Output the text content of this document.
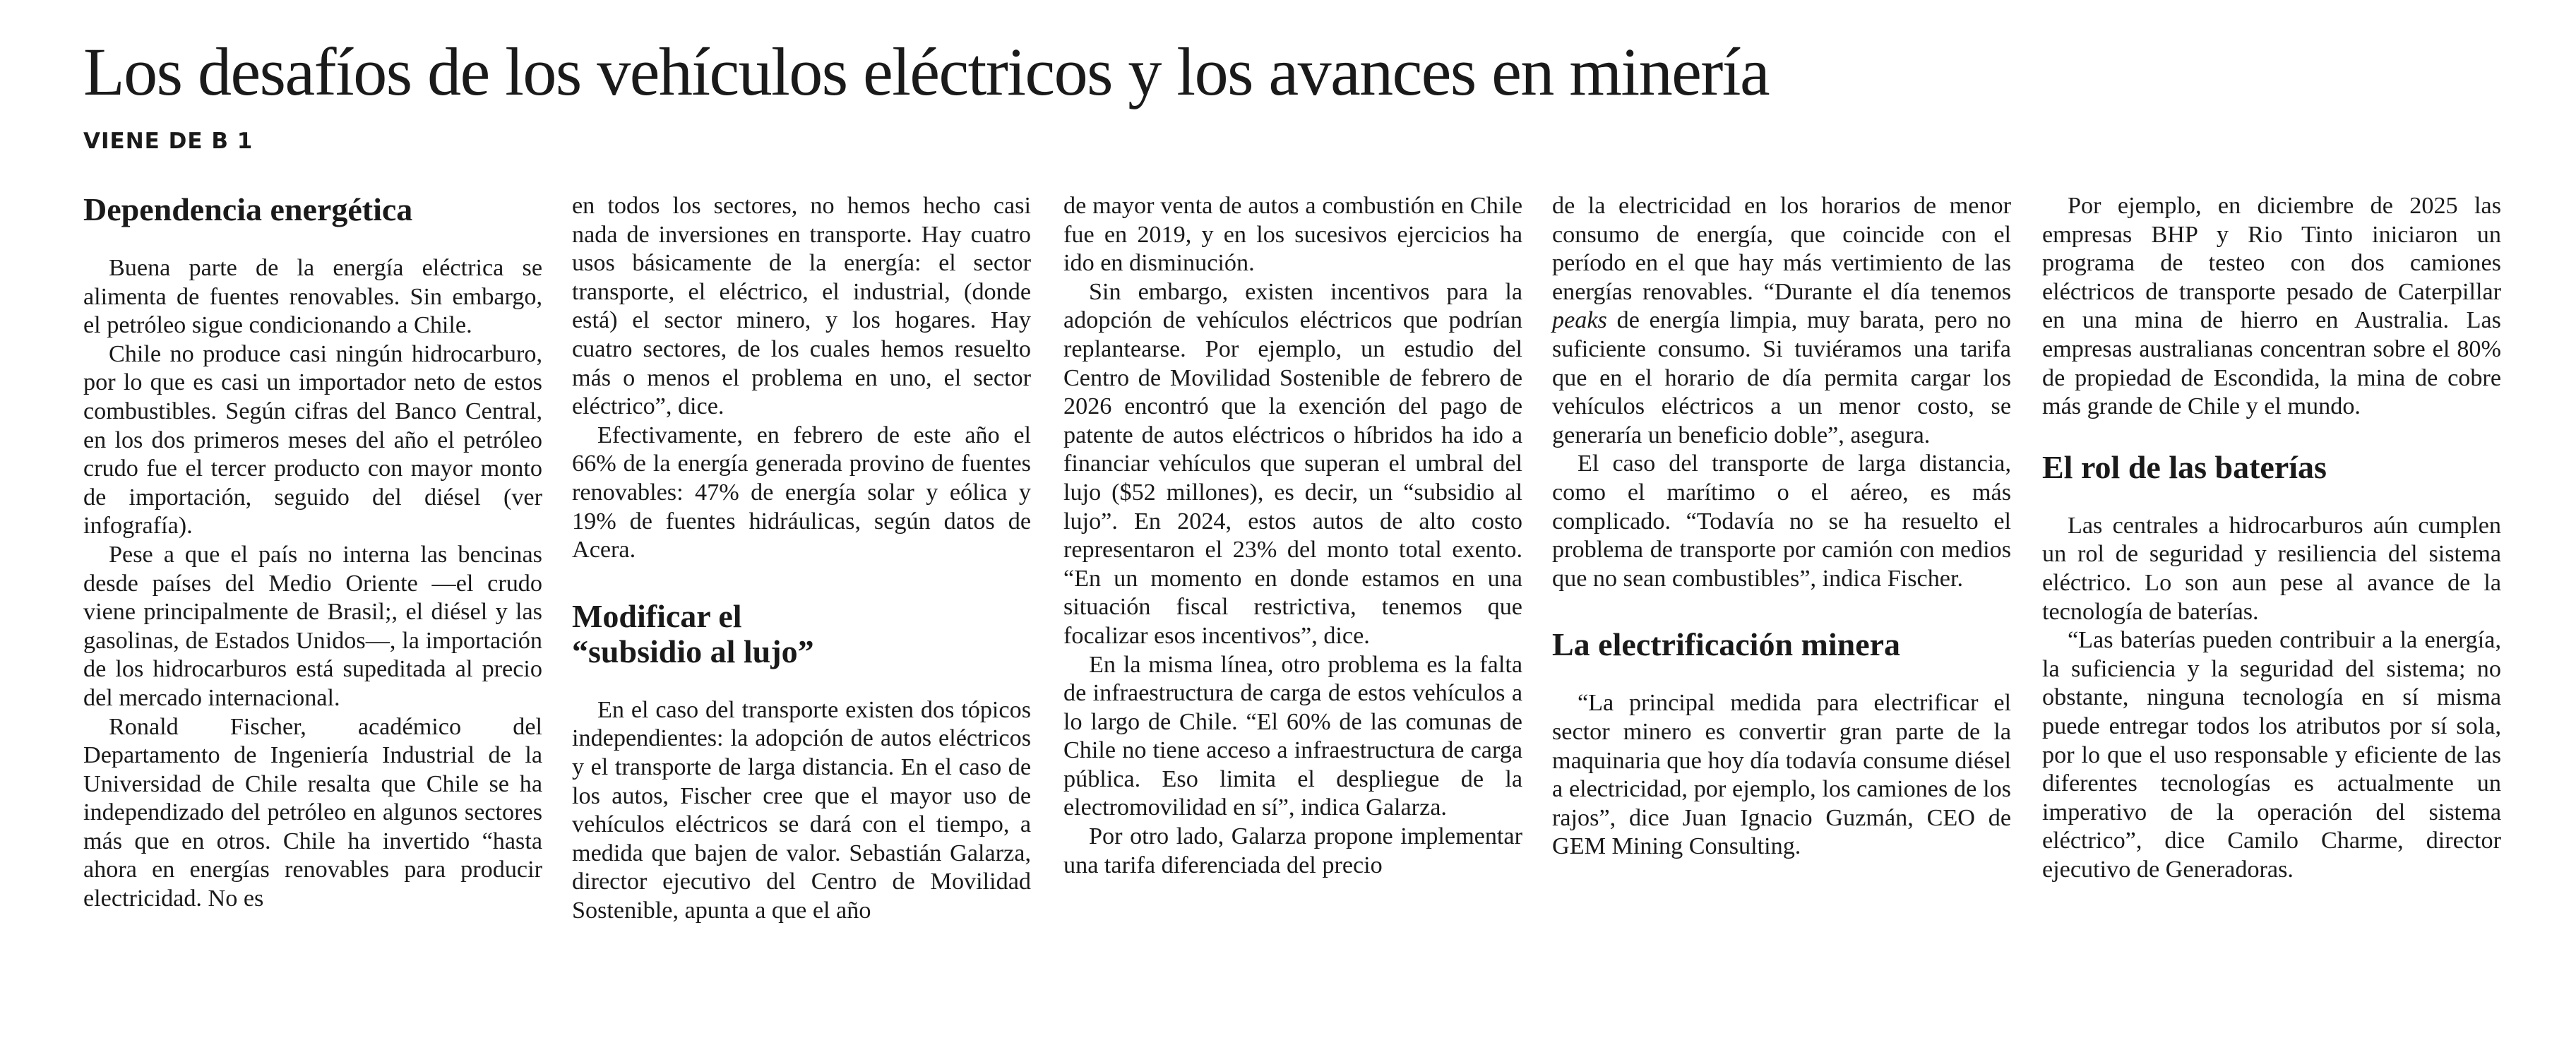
Los desafíos de los vehículos eléctricos y los avances en minería
VIENE DE B 1
Dependencia energética

Buena parte de la energía eléctrica se alimenta de fuentes renovables. Sin embargo, el petróleo sigue condicionando a Chile.

Chile no produce casi ningún hidrocarburo, por lo que es casi un importador neto de estos combustibles. Según cifras del Banco Central, en los dos primeros meses del año el petróleo crudo fue el tercer producto con mayor monto de importación, seguido del diésel (ver infografía).

Pese a que el país no interna las bencinas desde países del Medio Oriente —el crudo viene principalmente de Brasil;, el diésel y las gasolinas, de Estados Unidos—, la importación de los hidrocarburos está supeditada al precio del mercado internacional.

Ronald Fischer, académico del Departamento de Ingeniería Industrial de la Universidad de Chile resalta que Chile se ha independizado del petróleo en algunos sectores más que en otros. Chile ha invertido “hasta ahora en energías renovables para producir electricidad. No es

en todos los sectores, no hemos hecho casi nada de inversiones en transporte. Hay cuatro usos básicamente de la energía: el sector transporte, el eléctrico, el industrial, (donde está) el sector minero, y los hogares. Hay cuatro sectores, de los cuales hemos resuelto más o menos el problema en uno, el sector eléctrico”, dice.

Efectivamente, en febrero de este año el 66% de la energía generada provino de fuentes renovables: 47% de energía solar y eólica y 19% de fuentes hidráulicas, según datos de Acera.

Modificar el
“subsidio al lujo”

En el caso del transporte existen dos tópicos independientes: la adopción de autos eléctricos y el transporte de larga distancia. En el caso de los autos, Fischer cree que el mayor uso de vehículos eléctricos se dará con el tiempo, a medida que bajen de valor. Sebastián Galarza, director ejecutivo del Centro de Movilidad Sostenible, apunta a que el año

de mayor venta de autos a combustión en Chile fue en 2019, y en los sucesivos ejercicios ha ido en disminución.

Sin embargo, existen incentivos para la adopción de vehículos eléctricos que podrían replantearse. Por ejemplo, un estudio del Centro de Movilidad Sostenible de febrero de 2026 encontró que la exención del pago de patente de autos eléctricos o híbridos ha ido a financiar vehículos que superan el umbral del lujo ($52 millones), es decir, un “subsidio al lujo”. En 2024, estos autos de alto costo representaron el 23% del monto total exento. “En un momento en donde estamos en una situación fiscal restrictiva, tenemos que focalizar esos incentivos”, dice.

En la misma línea, otro problema es la falta de infraestructura de carga de estos vehículos a lo largo de Chile. “El 60% de las comunas de Chile no tiene acceso a infraestructura de carga pública. Eso limita el despliegue de la electromovilidad en sí”, indica Galarza.

Por otro lado, Galarza propone implementar una tarifa diferenciada del precio

de la electricidad en los horarios de menor consumo de energía, que coincide con el período en el que hay más vertimiento de las energías renovables. “Durante el día tenemos peaks de energía limpia, muy barata, pero no suficiente consumo. Si tuviéramos una tarifa que en el horario de día permita cargar los vehículos eléctricos a un menor costo, se generaría un beneficio doble”, asegura.

El caso del transporte de larga distancia, como el marítimo o el aéreo, es más complicado. “Todavía no se ha resuelto el problema de transporte por camión con medios que no sean combustibles”, indica Fischer.

La electrificación minera

“La principal medida para electrificar el sector minero es convertir gran parte de la maquinaria que hoy día todavía consume diésel a electricidad, por ejemplo, los camiones de los rajos”, dice Juan Ignacio Guzmán, CEO de GEM Mining Consulting.

Por ejemplo, en diciembre de 2025 las empresas BHP y Rio Tinto iniciaron un programa de testeo con dos camiones eléctricos de transporte pesado de Caterpillar en una mina de hierro en Australia. Las empresas australianas concentran sobre el 80% de propiedad de Escondida, la mina de cobre más grande de Chile y el mundo.

El rol de las baterías

Las centrales a hidrocarburos aún cumplen un rol de seguridad y resiliencia del sistema eléctrico. Lo son aun pese al avance de la tecnología de baterías.

“Las baterías pueden contribuir a la energía, la suficiencia y la seguridad del sistema; no obstante, ninguna tecnología en sí misma puede entregar todos los atributos por sí sola, por lo que el uso responsable y eficiente de las diferentes tecnologías es actualmente un imperativo de la operación del sistema eléctrico”, dice Camilo Charme, director ejecutivo de Generadoras.
